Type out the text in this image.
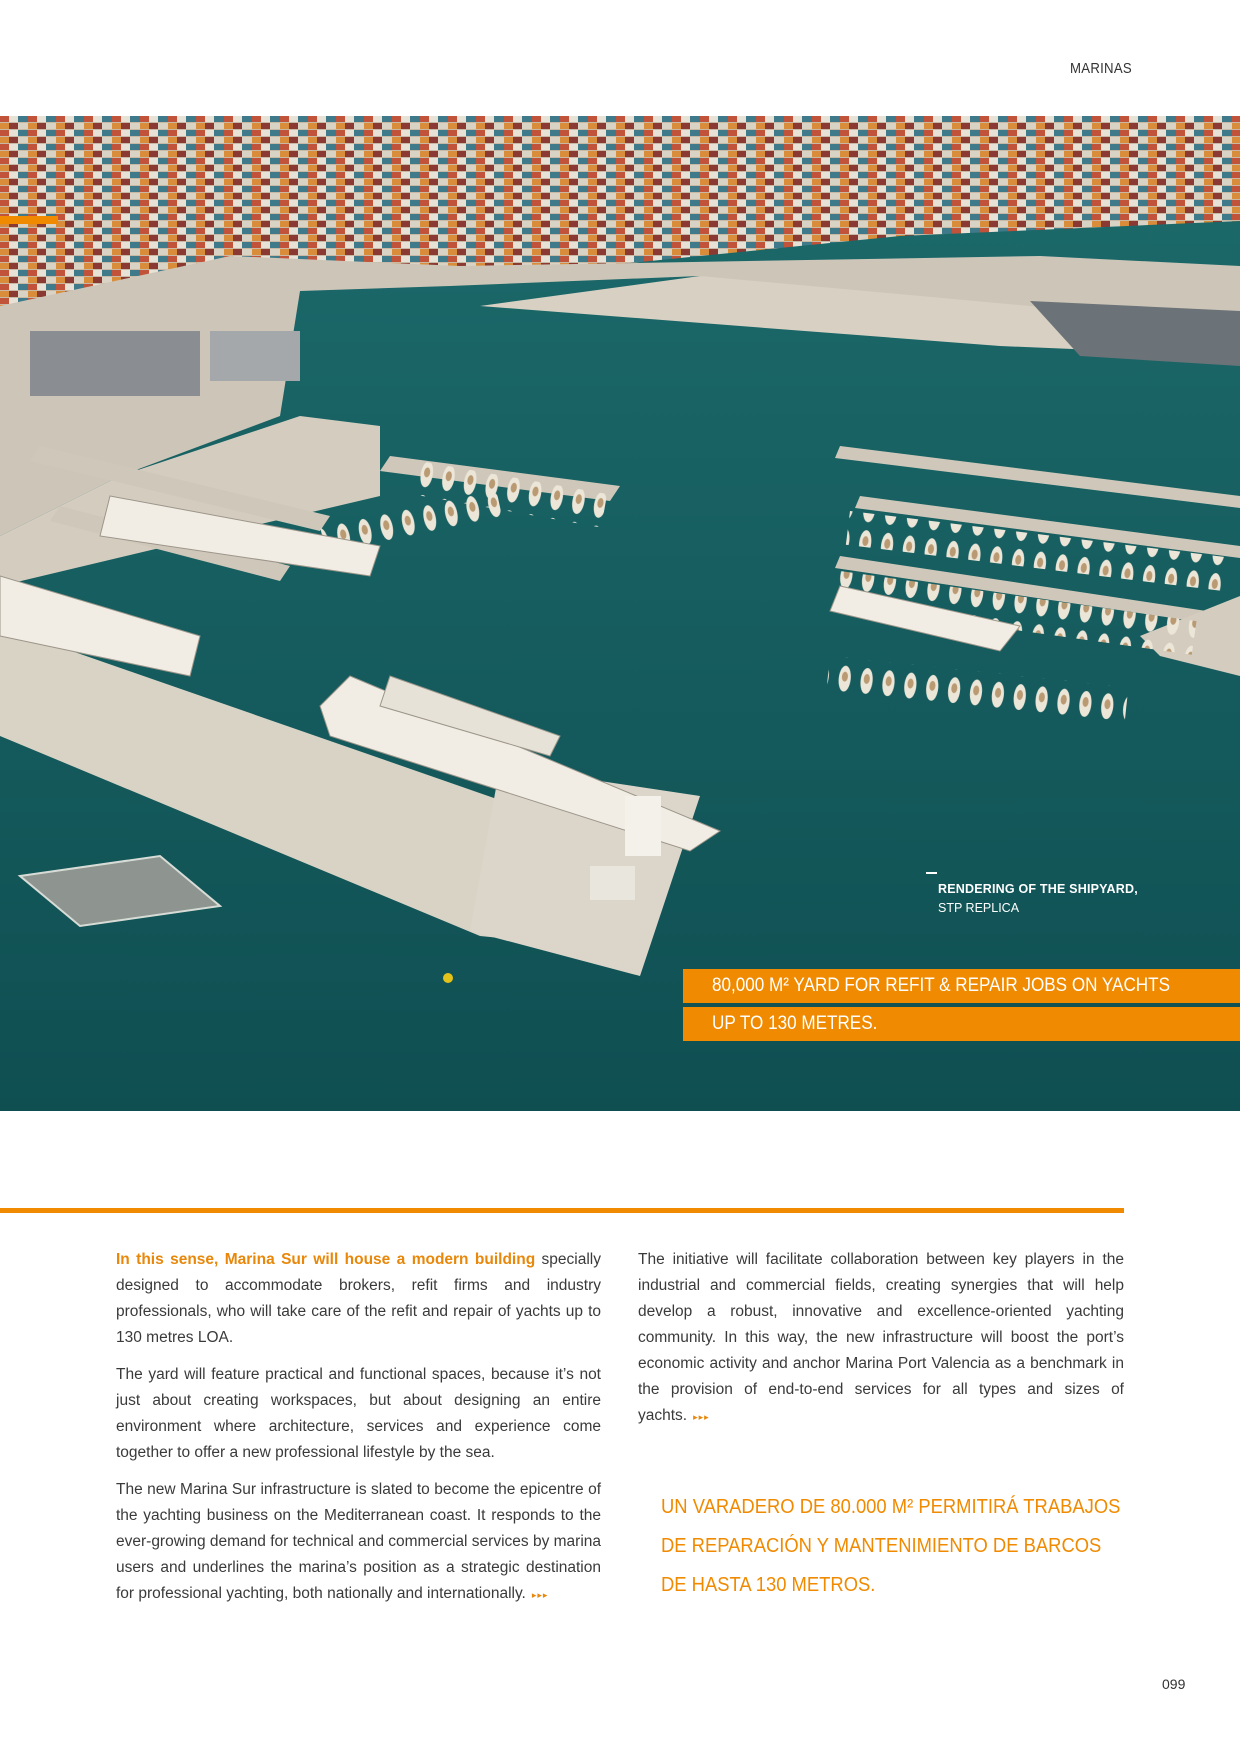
MARINAS
RENDERING OF THE SHIPYARD,
STP REPLICA
80,000 M² YARD FOR REFIT & REPAIR JOBS ON YACHTS
UP TO 130 METRES.

In this sense, Marina Sur will house a modern building specially designed to accommodate brokers, refit firms and industry professionals, who will take care of the refit and repair of yachts up to 130 metres LOA.

The yard will feature practical and functional spaces, because it’s not just about creating workspaces, but about designing an entire environment where architecture, services and experience come together to offer a new professional lifestyle by the sea.

The new Marina Sur infrastructure is slated to become the epicentre of the yachting business on the Mediterranean coast. It responds to the ever-growing demand for technical and commercial services by marina users and underlines the marina’s position as a strategic destination for professional yachting, both nationally and internationally. ▸▸▸

The initiative will facilitate collaboration between key players in the industrial and commercial fields, creating synergies that will help develop a robust, innovative and excellence-oriented yachting community. In this way, the new infrastructure will boost the port’s economic activity and anchor Marina Port Valencia as a benchmark in the provision of end-to-end services for all types and sizes of yachts. ▸▸▸

UN VARADERO DE 80.000 M² PERMITIRÁ TRABAJOS
DE REPARACIÓN Y MANTENIMIENTO DE BARCOS
DE HASTA 130 METROS.
099
